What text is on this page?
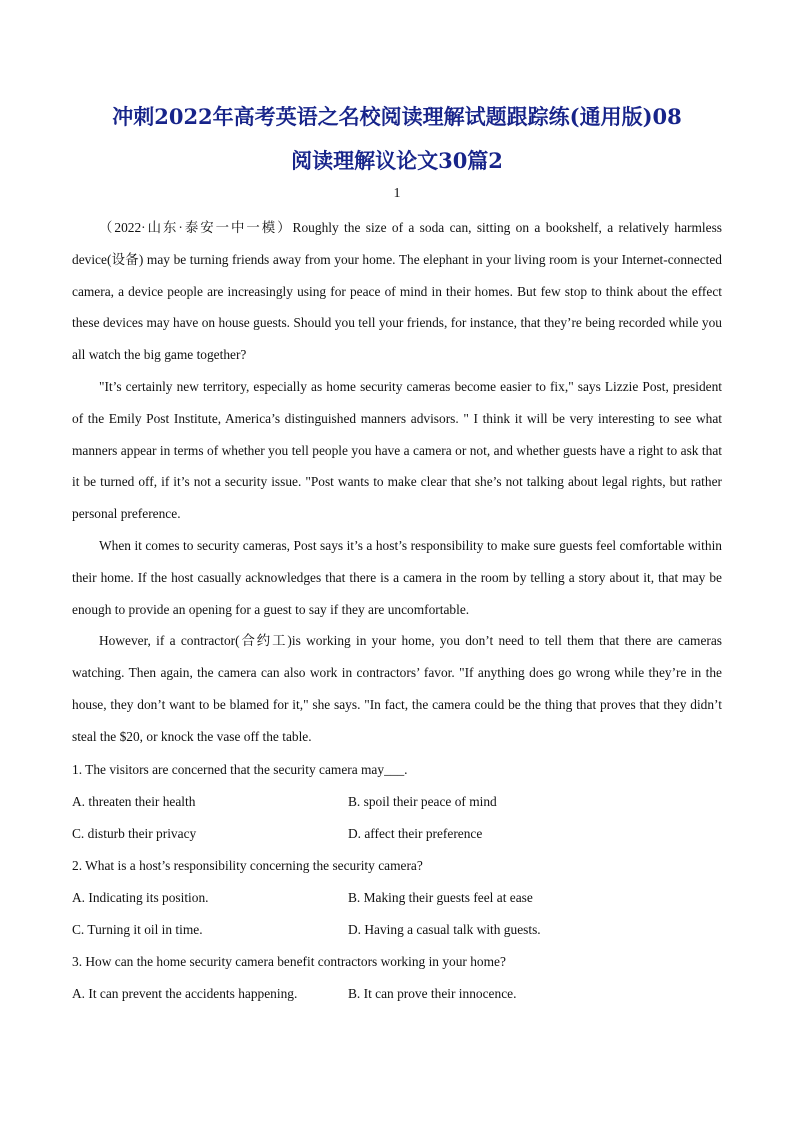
冲刺2022年高考英语之名校阅读理解试题跟踪练(通用版)08
阅读理解议论文30篇2
1

（2022·山东·泰安一中一模）Roughly the size of a soda can, sitting on a bookshelf, a relatively harmless device(设备) may be turning friends away from your home. The elephant in your living room is your Internet-connected camera, a device people are increasingly using for peace of mind in their homes. But few stop to think about the effect these devices may have on house guests. Should you tell your friends, for instance, that they’re being recorded while you all watch the big game together?

"It’s certainly new territory, especially as home security cameras become easier to fix," says Lizzie Post, president of the Emily Post Institute, America’s distinguished manners advisors. " I think it will be very interesting to see what manners appear in terms of whether you tell people you have a camera or not, and whether guests have a right to ask that it be turned off, if it’s not a security issue. "Post wants to make clear that she’s not talking about legal rights, but rather personal preference.

When it comes to security cameras, Post says it’s a host’s responsibility to make sure guests feel comfortable within their home. If the host casually acknowledges that there is a camera in the room by telling a story about it, that may be enough to provide an opening for a guest to say if they are uncomfortable.

However, if a contractor(合约工)is working in your home, you don’t need to tell them that there are cameras watching. Then again, the camera can also work in contractors’ favor. "If anything does go wrong while they’re in the house, they don’t want to be blamed for it," she says. "In fact, the camera could be the thing that proves that they didn’t steal the $20, or knock the vase off the table.

1. The visitors are concerned that the security camera may___.
A. threaten their health	B. spoil their peace of mind
C. disturb their privacy	D. affect their preference
2. What is a host’s responsibility concerning the security camera?
A. Indicating its position.	B. Making their guests feel at ease
C. Turning it oil in time.	D. Having a casual talk with guests.
3. How can the home security camera benefit contractors working in your home?
A. It can prevent the accidents happening.	B. It can prove their innocence.
